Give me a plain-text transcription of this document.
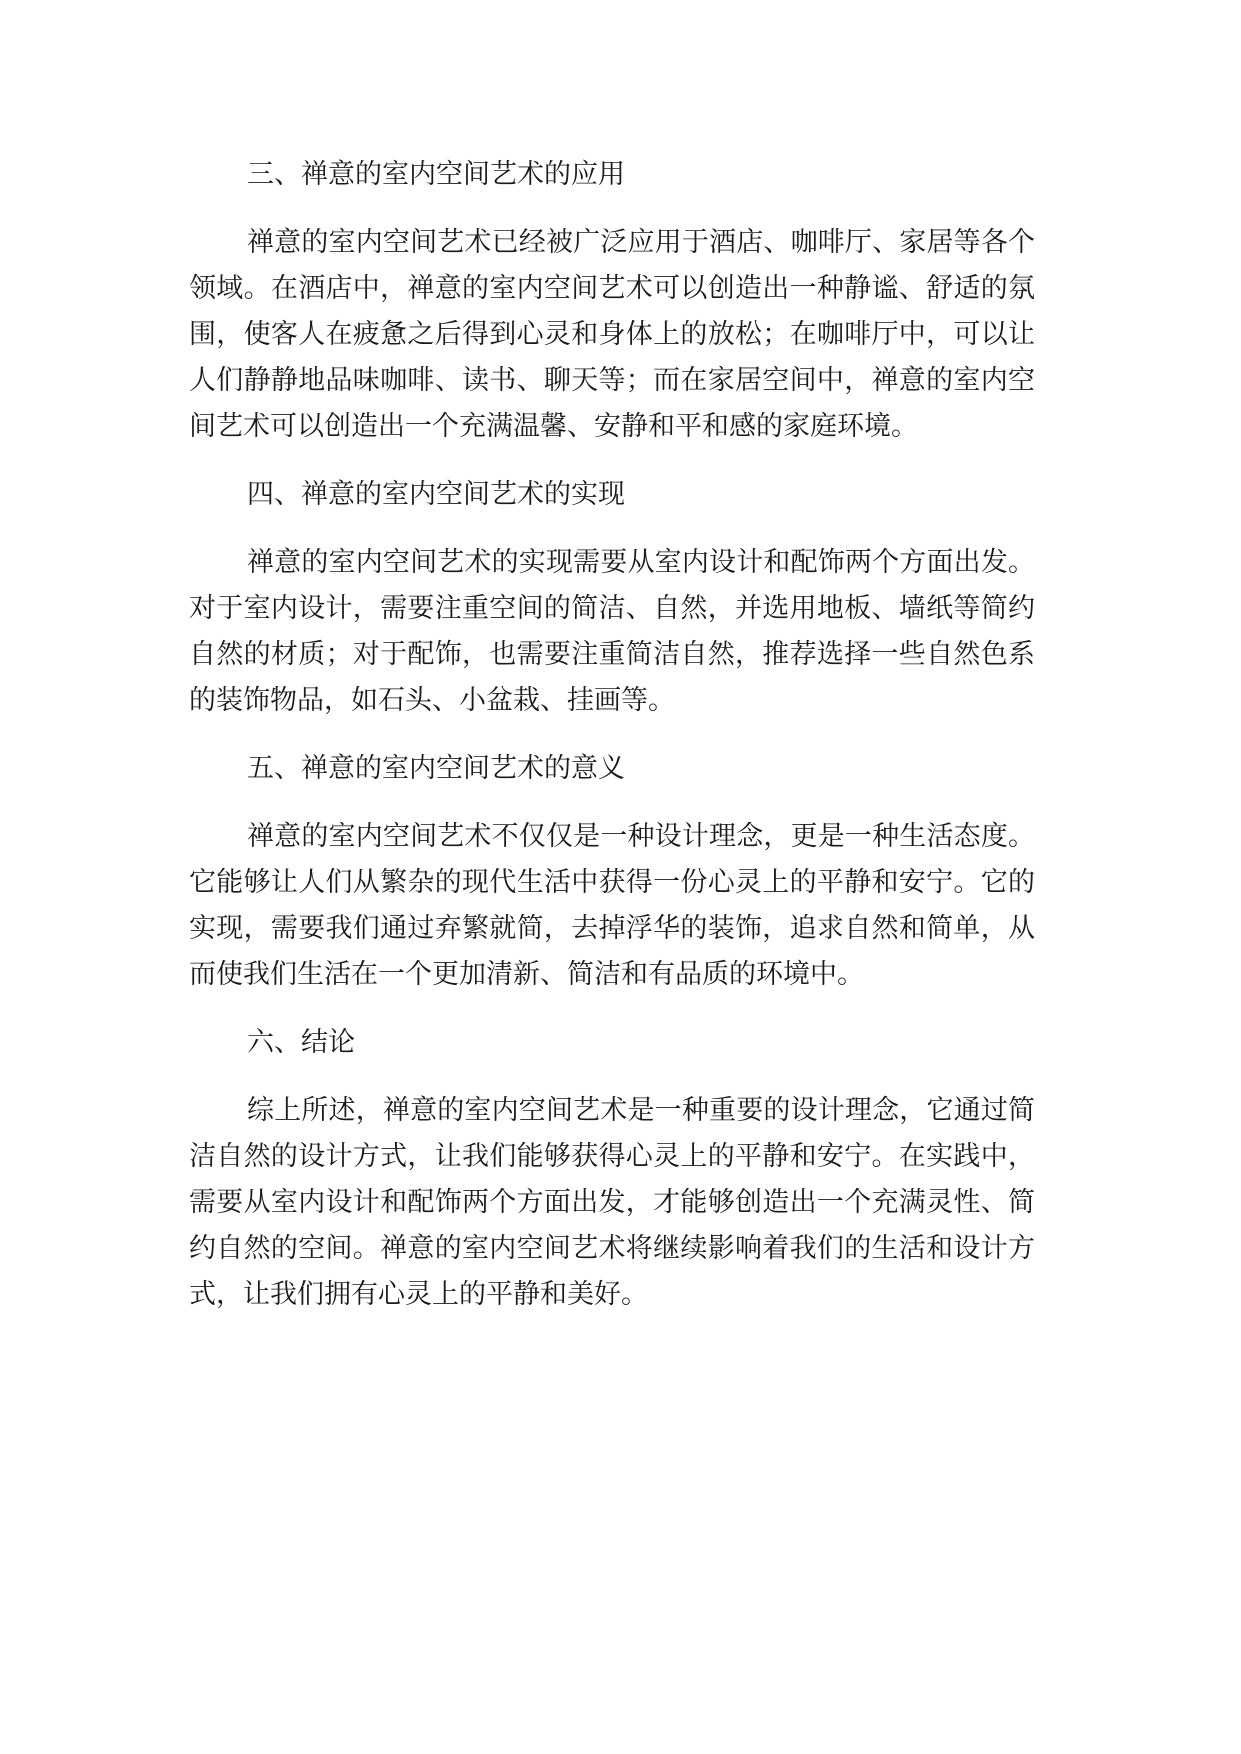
三、禅意的室内空间艺术的应用

禅意的室内空间艺术已经被广泛应用于酒店、咖啡厅、家居等各个领域。在酒店中，禅意的室内空间艺术可以创造出一种静谧、舒适的氛围，使客人在疲惫之后得到心灵和身体上的放松；在咖啡厅中，可以让人们静静地品味咖啡、读书、聊天等；而在家居空间中，禅意的室内空间艺术可以创造出一个充满温馨、安静和平和感的家庭环境。

四、禅意的室内空间艺术的实现

禅意的室内空间艺术的实现需要从室内设计和配饰两个方面出发。对于室内设计，需要注重空间的简洁、自然，并选用地板、墙纸等简约自然的材质；对于配饰，也需要注重简洁自然，推荐选择一些自然色系的装饰物品，如石头、小盆栽、挂画等。

五、禅意的室内空间艺术的意义

禅意的室内空间艺术不仅仅是一种设计理念，更是一种生活态度。它能够让人们从繁杂的现代生活中获得一份心灵上的平静和安宁。它的实现，需要我们通过弃繁就简，去掉浮华的装饰，追求自然和简单，从而使我们生活在一个更加清新、简洁和有品质的环境中。

六、结论

综上所述，禅意的室内空间艺术是一种重要的设计理念，它通过简洁自然的设计方式，让我们能够获得心灵上的平静和安宁。在实践中，需要从室内设计和配饰两个方面出发，才能够创造出一个充满灵性、简约自然的空间。禅意的室内空间艺术将继续影响着我们的生活和设计方式，让我们拥有心灵上的平静和美好。
